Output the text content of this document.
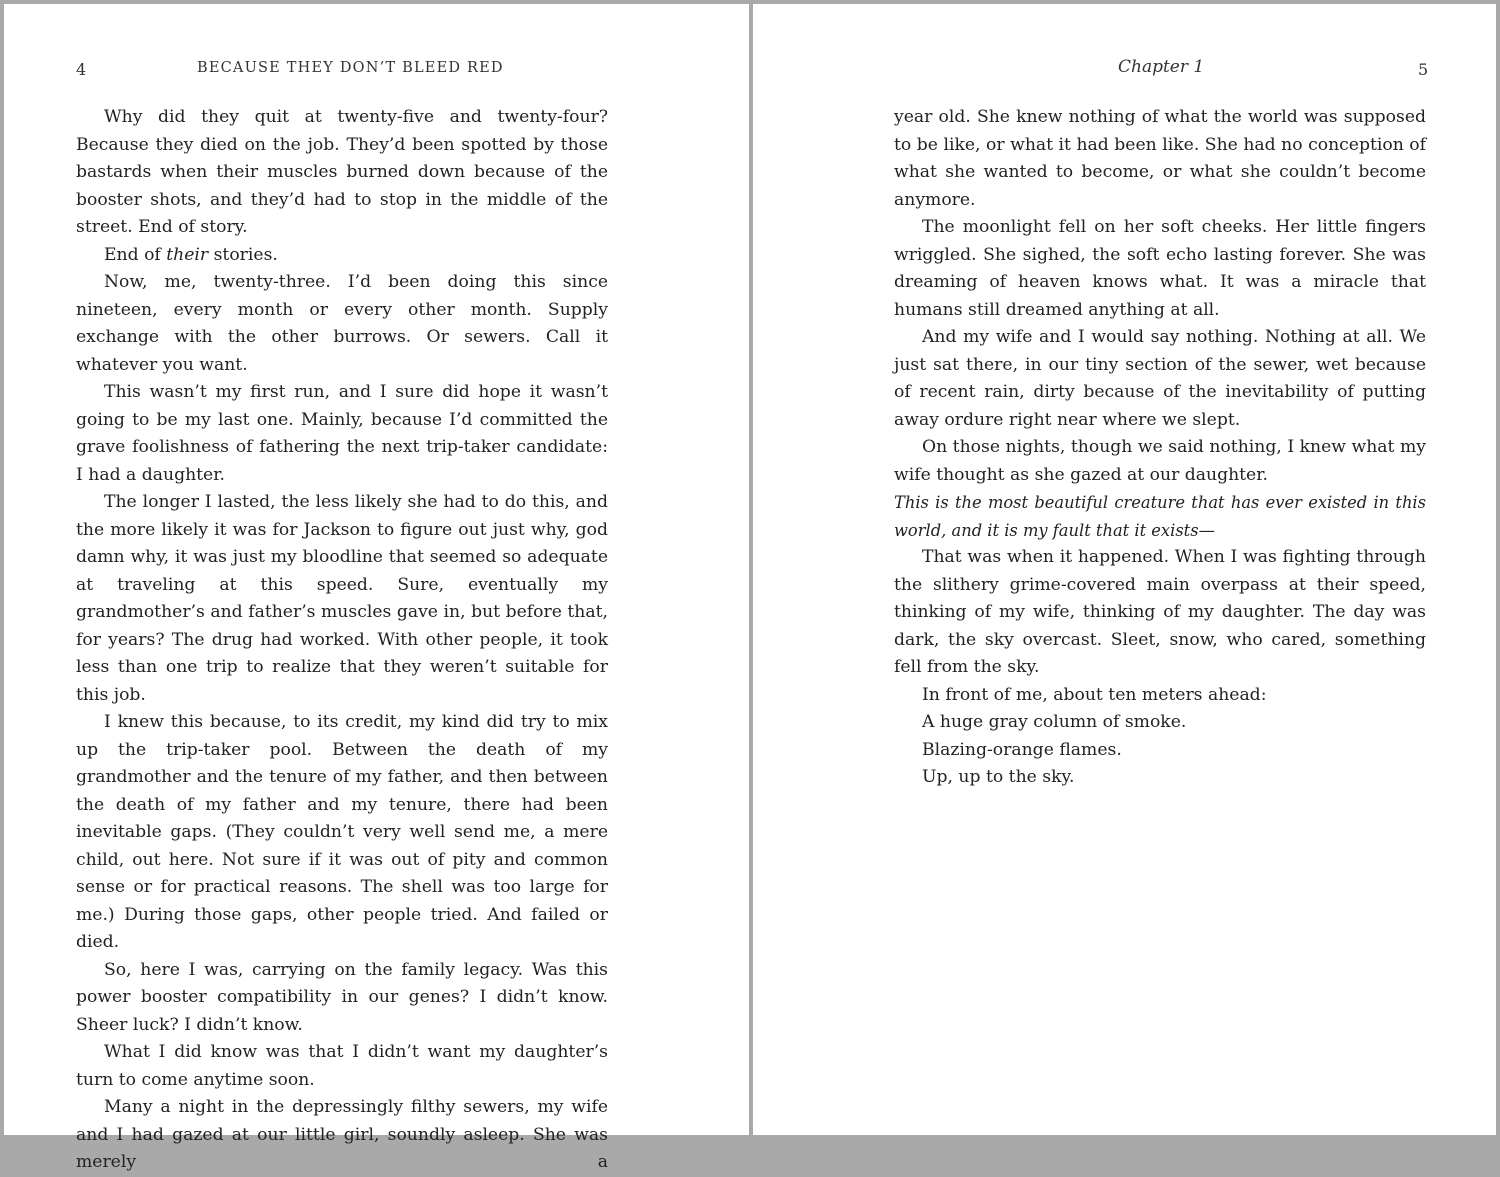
4	BECAUSE THEY DON’T BLEED RED

Why did they quit at twenty-five and twenty-four? Because they died on the job. They’d been spotted by those bastards when their muscles burned down because of the booster shots, and they’d had to stop in the middle of the street. End of story.

End of their stories.

Now, me, twenty-three. I’d been doing this since nineteen, every month or every other month. Supply exchange with the other burrows. Or sewers. Call it whatever you want.

This wasn’t my first run, and I sure did hope it wasn’t going to be my last one. Mainly, because I’d committed the grave foolishness of fathering the next trip-taker candidate: I had a daughter.

The longer I lasted, the less likely she had to do this, and the more likely it was for Jackson to figure out just why, god damn why, it was just my bloodline that seemed so adequate at traveling at this speed. Sure, eventually my grandmother’s and father’s muscles gave in, but before that, for years? The drug had worked. With other people, it took less than one trip to realize that they weren’t suitable for this job.

I knew this because, to its credit, my kind did try to mix up the trip-taker pool. Between the death of my grandmother and the tenure of my father, and then between the death of my father and my tenure, there had been inevitable gaps. (They couldn’t very well send me, a mere child, out here. Not sure if it was out of pity and common sense or for practical reasons. The shell was too large for me.) During those gaps, other people tried. And failed or died.

So, here I was, carrying on the family legacy. Was this power booster compatibility in our genes? I didn’t know. Sheer luck? I didn’t know.

What I did know was that I didn’t want my daughter’s turn to come anytime soon.

Many a night in the depressingly filthy sewers, my wife and I had gazed at our little girl, soundly asleep. She was merely a

Chapter 1	5

year old. She knew nothing of what the world was supposed to be like, or what it had been like. She had no conception of what she wanted to become, or what she couldn’t become anymore.

The moonlight fell on her soft cheeks. Her little fingers wriggled. She sighed, the soft echo lasting forever. She was dreaming of heaven knows what. It was a miracle that humans still dreamed anything at all.

And my wife and I would say nothing. Nothing at all. We just sat there, in our tiny section of the sewer, wet because of recent rain, dirty because of the inevitability of putting away ordure right near where we slept.

On those nights, though we said nothing, I knew what my wife thought as she gazed at our daughter.

This is the most beautiful creature that has ever existed in this world, and it is my fault that it exists—

That was when it happened. When I was fighting through the slithery grime-covered main overpass at their speed, thinking of my wife, thinking of my daughter. The day was dark, the sky overcast. Sleet, snow, who cared, something fell from the sky.

In front of me, about ten meters ahead:

A huge gray column of smoke.

Blazing-orange flames.

Up, up to the sky.
